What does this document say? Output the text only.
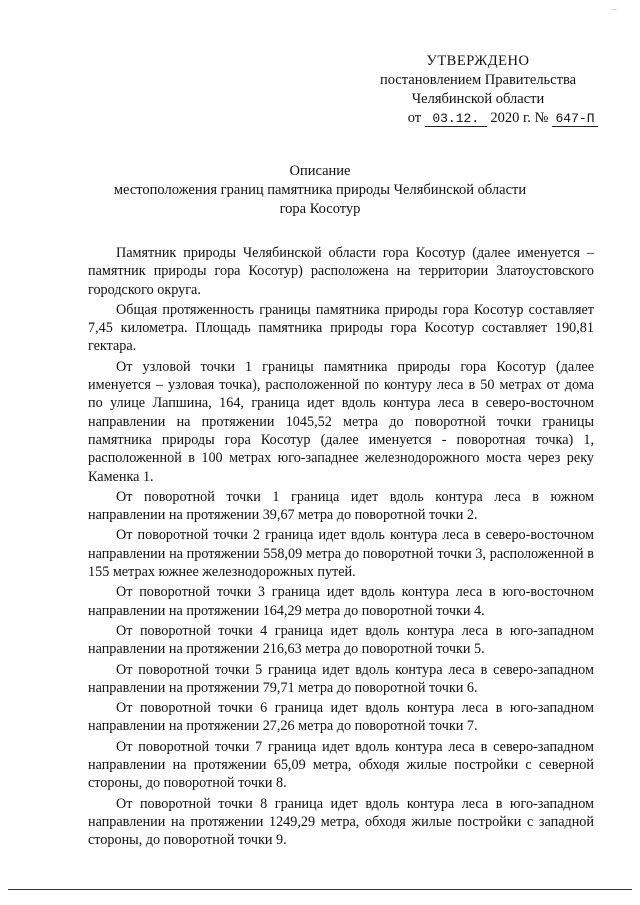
–
УТВЕРЖДЕНО
постановлением Правительства
Челябинской области
от 03.12. 2020 г. № 647-П
Описание
местоположения границ памятника природы Челябинской области
гора Косотур

Памятник природы Челябинской области гора Косотур (далее именуется – памятник природы гора Косотур) расположена на территории Златоустовского городского округа.

Общая протяженность границы памятника природы гора Косотур составляет 7,45 километра. Площадь памятника природы гора Косотур составляет 190,81 гектара.

От узловой точки 1 границы памятника природы гора Косотур (далее именуется – узловая точка), расположенной по контуру леса в 50 метрах от дома по улице Лапшина, 164, граница идет вдоль контура леса в северо-восточном направлении на протяжении 1045,52 метра до поворотной точки границы памятника природы гора Косотур (далее именуется - поворотная точка) 1, расположенной в 100 метрах юго-западнее железнодорожного моста через реку Каменка 1.

От поворотной точки 1 граница идет вдоль контура леса в южном направлении на протяжении 39,67 метра до поворотной точки 2.

От поворотной точки 2 граница идет вдоль контура леса в северо-восточном направлении на протяжении 558,09 метра до поворотной точки 3, расположенной в 155 метрах южнее железнодорожных путей.

От поворотной точки 3 граница идет вдоль контура леса в юго-восточном направлении на протяжении 164,29 метра до поворотной точки 4.

От поворотной точки 4 граница идет вдоль контура леса в юго-западном направлении на протяжении 216,63 метра до поворотной точки 5.

От поворотной точки 5 граница идет вдоль контура леса в северо-западном направлении на протяжении 79,71 метра до поворотной точки 6.

От поворотной точки 6 граница идет вдоль контура леса в юго-западном направлении на протяжении 27,26 метра до поворотной точки 7.

От поворотной точки 7 граница идет вдоль контура леса в северо-западном направлении на протяжении 65,09 метра, обходя жилые постройки с северной стороны, до поворотной точки 8.

От поворотной точки 8 граница идет вдоль контура леса в юго-западном направлении на протяжении 1249,29 метра, обходя жилые постройки с западной стороны, до поворотной точки 9.
